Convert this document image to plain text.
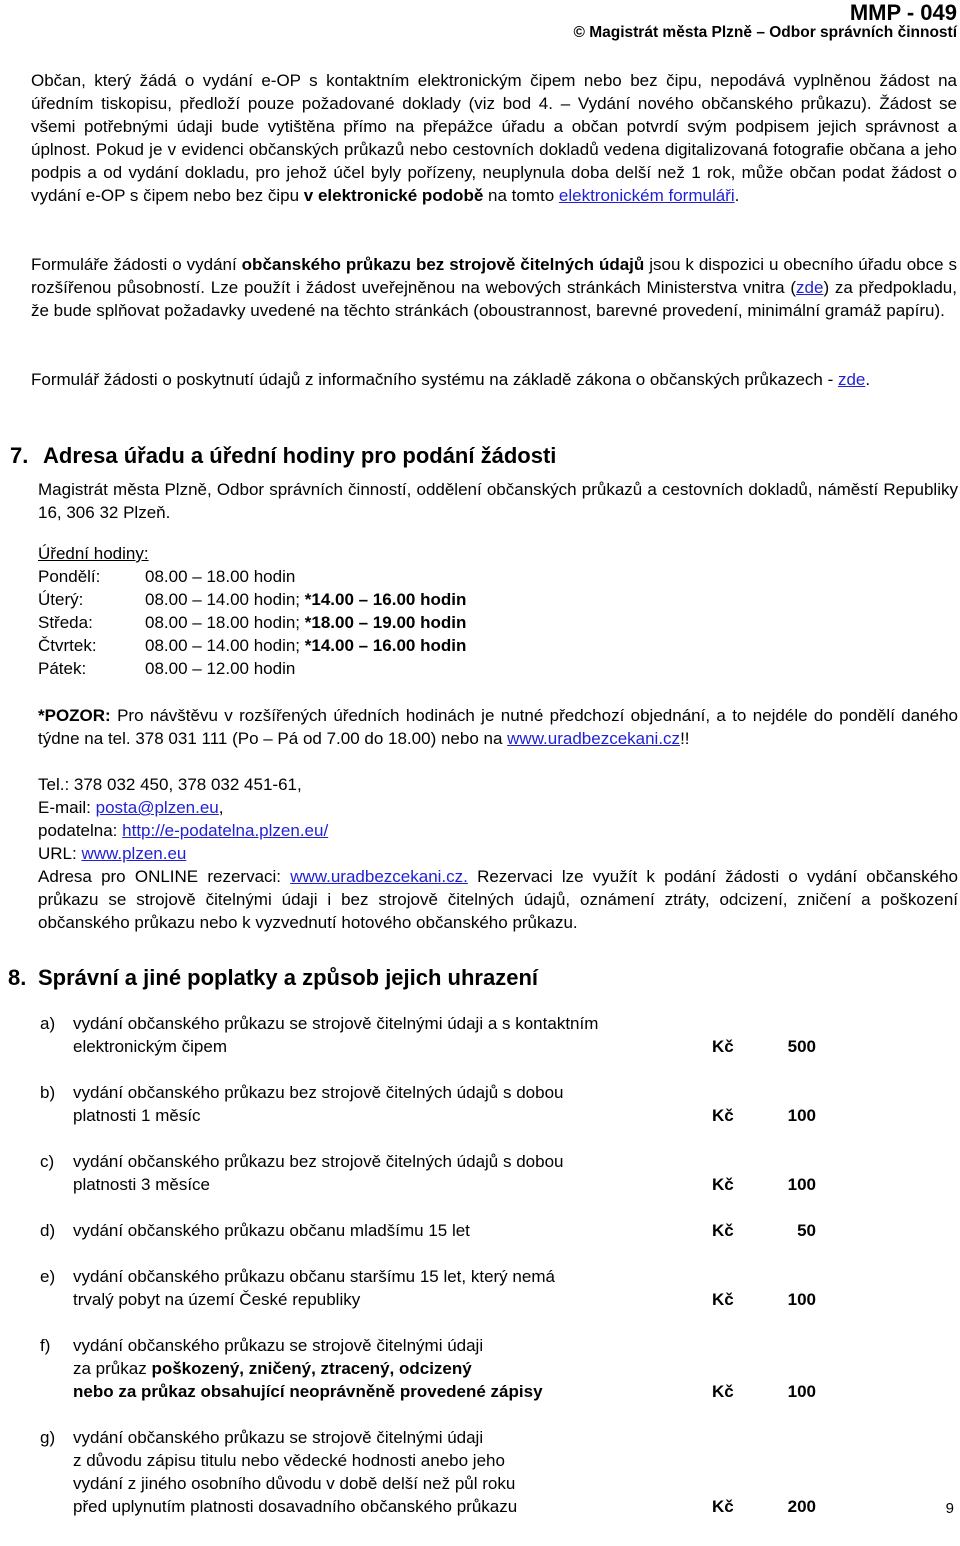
MMP - 049
© Magistrát města Plzně – Odbor správních činností
Občan, který žádá o vydání e-OP s kontaktním elektronickým čipem nebo bez čipu, nepodává vyplněnou žádost na úředním tiskopisu, předloží pouze požadované doklady (viz bod 4. – Vydání nového občanského průkazu). Žádost se všemi potřebnými údaji bude vytištěna přímo na přepážce úřadu a občan potvrdí svým podpisem jejich správnost a úplnost. Pokud je v evidenci občanských průkazů nebo cestovních dokladů vedena digitalizovaná fotografie občana a jeho podpis a od vydání dokladu, pro jehož účel byly pořízeny, neuplynula doba delší než 1 rok, může občan podat žádost o vydání e-OP s čipem nebo bez čipu v elektronické podobě na tomto elektronickém formuláři.
Formuláře žádosti o vydání občanského průkazu bez strojově čitelných údajů jsou k dispozici u obecního úřadu obce s rozšířenou působností. Lze použít i žádost uveřejněnou na webových stránkách Ministerstva vnitra (zde) za předpokladu, že bude splňovat požadavky uvedené na těchto stránkách (oboustrannost, barevné provedení, minimální gramáž papíru).
Formulář žádosti o poskytnutí údajů z informačního systému na základě zákona o občanských průkazech - zde.
7. Adresa úřadu a úřední hodiny pro podání žádosti
Magistrát města Plzně, Odbor správních činností, oddělení občanských průkazů a cestovních dokladů, náměstí Republiky 16, 306 32 Plzeň.
Úřední hodiny:
Pondělí:	08.00 – 18.00 hodin
Úterý:	08.00 – 14.00 hodin; *14.00 – 16.00 hodin
Středa:	08.00 – 18.00 hodin; *18.00 – 19.00 hodin
Čtvrtek:	08.00 – 14.00 hodin; *14.00 – 16.00 hodin
Pátek:	08.00 – 12.00 hodin
*POZOR: Pro návštěvu v rozšířených úředních hodinách je nutné předchozí objednání, a to nejdéle do pondělí daného týdne na tel. 378 031 111 (Po – Pá od 7.00 do 18.00) nebo na www.uradbezcekani.cz!!
Tel.: 378 032 450, 378 032 451-61,
E-mail: posta@plzen.eu,
podatelna: http://e-podatelna.plzen.eu/
URL: www.plzen.eu
Adresa pro ONLINE rezervaci: www.uradbezcekani.cz. Rezervaci lze využít k podání žádosti o vydání občanského průkazu se strojově čitelnými údaji i bez strojově čitelných údajů, oznámení ztráty, odcizení, zničení a poškození občanského průkazu nebo k vyzvednutí hotového občanského průkazu.
8. Správní a jiné poplatky a způsob jejich uhrazení
a) vydání občanského průkazu se strojově čitelnými údaji a s kontaktním
elektronickým čipem	Kč	500
b) vydání občanského průkazu bez strojově čitelných údajů s dobou
platnosti 1 měsíc	Kč	100
c) vydání občanského průkazu bez strojově čitelných údajů s dobou
platnosti 3 měsíce	Kč	100
d) vydání občanského průkazu občanu mladšímu 15 let	Kč	50
e) vydání občanského průkazu občanu staršímu 15 let, který nemá
trvalý pobyt na území České republiky	Kč	100
f) vydání občanského průkazu se strojově čitelnými údaji
za průkaz poškozený, zničený, ztracený, odcizený
nebo za průkaz obsahující neoprávněně provedené zápisy	Kč	100
g) vydání občanského průkazu se strojově čitelnými údaji
z důvodu zápisu titulu nebo vědecké hodnosti anebo jeho
vydání z jiného osobního důvodu v době delší než půl roku
před uplynutím platnosti dosavadního občanského průkazu	Kč	200	9
